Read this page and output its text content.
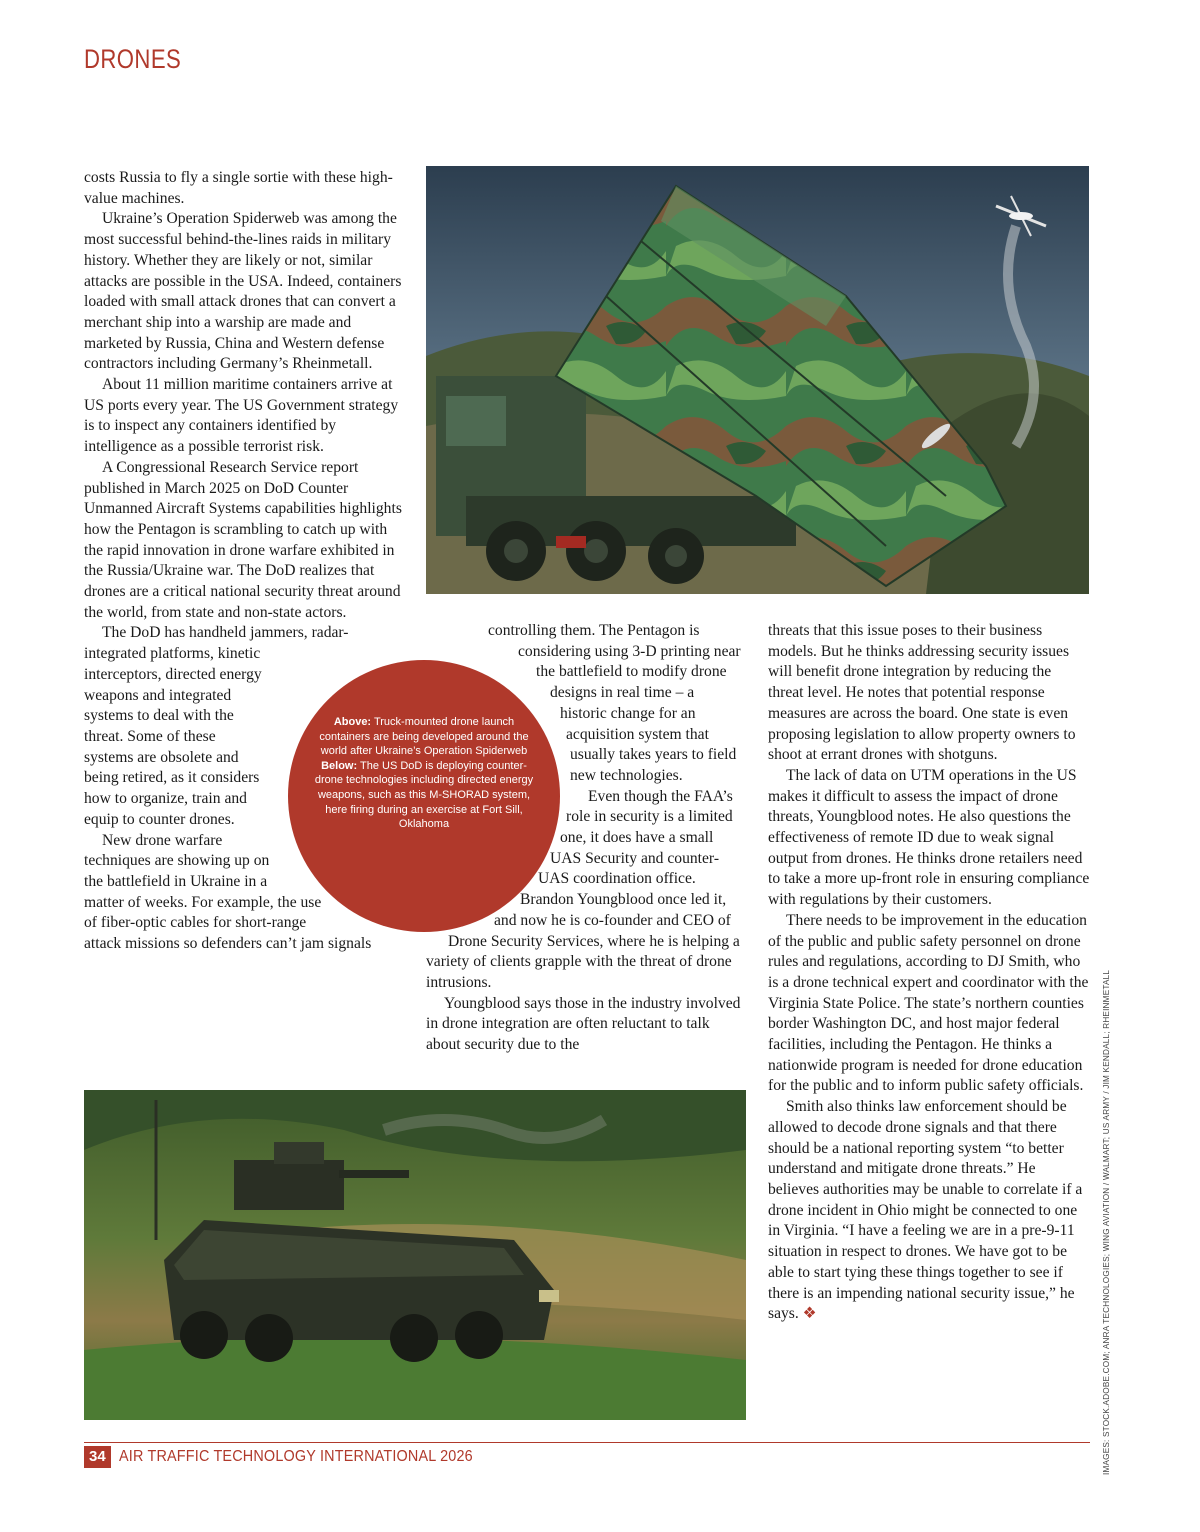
DRONES

costs Russia to fly a single sortie with these high-value machines.

Ukraine’s Operation Spiderweb was among the most successful behind-the-lines raids in military history. Whether they are likely or not, similar attacks are possible in the USA. Indeed, containers loaded with small attack drones that can convert a merchant ship into a warship are made and marketed by Russia, China and Western defense contractors including Germany’s Rheinmetall.

About 11 million maritime containers arrive at US ports every year. The US Government strategy is to inspect any containers identified by intelligence as a possible terrorist risk.

A Congressional Research Service report published in March 2025 on DoD Counter Unmanned Aircraft Systems capabilities highlights how the Pentagon is scrambling to catch up with the rapid innovation in drone warfare exhibited in the Russia/Ukraine war. The DoD realizes that drones are a critical national security threat around the world, from state and non-state actors.

The DoD has handheld jammers, radar-integrated platforms, kinetic interceptors, directed energy weapons and integrated systems to deal with the threat. Some of these systems are obsolete and being retired, as it considers how to organize, train and equip to counter drones.

New drone warfare techniques are showing up on the battlefield in Ukraine in a matter of weeks. For example, the use of fiber-optic cables for short-range attack missions so defenders can’t jam signals

controlling them. The Pentagon is considering using 3-D printing near the battlefield to modify drone designs in real time – a historic change for an acquisition system that usually takes years to field new technologies.

Even though the FAA’s role in security is a limited one, it does have a small UAS Security and counter-UAS coordination office. Brandon Youngblood once led it, and now he is co-founder and CEO of Drone Security Services, where he is helping a variety of clients grapple with the threat of drone intrusions.

Youngblood says those in the industry involved in drone integration are often reluctant to talk about security due to the

Above: Truck-mounted drone launch containers are being developed around the world after Ukraine’s Operation Spiderweb
Below: The US DoD is deploying counter-drone technologies including directed energy weapons, such as this M-SHORAD system, here firing during an exercise at Fort Sill, Oklahoma

threats that this issue poses to their business models. But he thinks addressing security issues will benefit drone integration by reducing the threat level. He notes that potential response measures are across the board. One state is even proposing legislation to allow property owners to shoot at errant drones with shotguns.

The lack of data on UTM operations in the US makes it difficult to assess the impact of drone threats, Youngblood notes. He also questions the effectiveness of remote ID due to weak signal output from drones. He thinks drone retailers need to take a more up-front role in ensuring compliance with regulations by their customers.

There needs to be improvement in the education of the public and public safety personnel on drone rules and regulations, according to DJ Smith, who is a drone technical expert and coordinator with the Virginia State Police. The state’s northern counties border Washington DC, and host major federal facilities, including the Pentagon. He thinks a nationwide program is needed for drone education for the public and to inform public safety officials.

Smith also thinks law enforcement should be allowed to decode drone signals and that there should be a national reporting system “to better understand and mitigate drone threats.” He believes authorities may be unable to correlate if a drone incident in Ohio might be connected to one in Virginia. “I have a feeling we are in a pre-9-11 situation in respect to drones. We have got to be able to start tying these things together to see if there is an impending national security issue,” he says. ❖	IMAGES: STOCK.ADOBE.COM; ANRA TECHNOLOGIES; WING AVIATION / WALMART; US ARMY / JIM KENDALL; RHEINMETALL
34 AIR TRAFFIC TECHNOLOGY INTERNATIONAL 2026
